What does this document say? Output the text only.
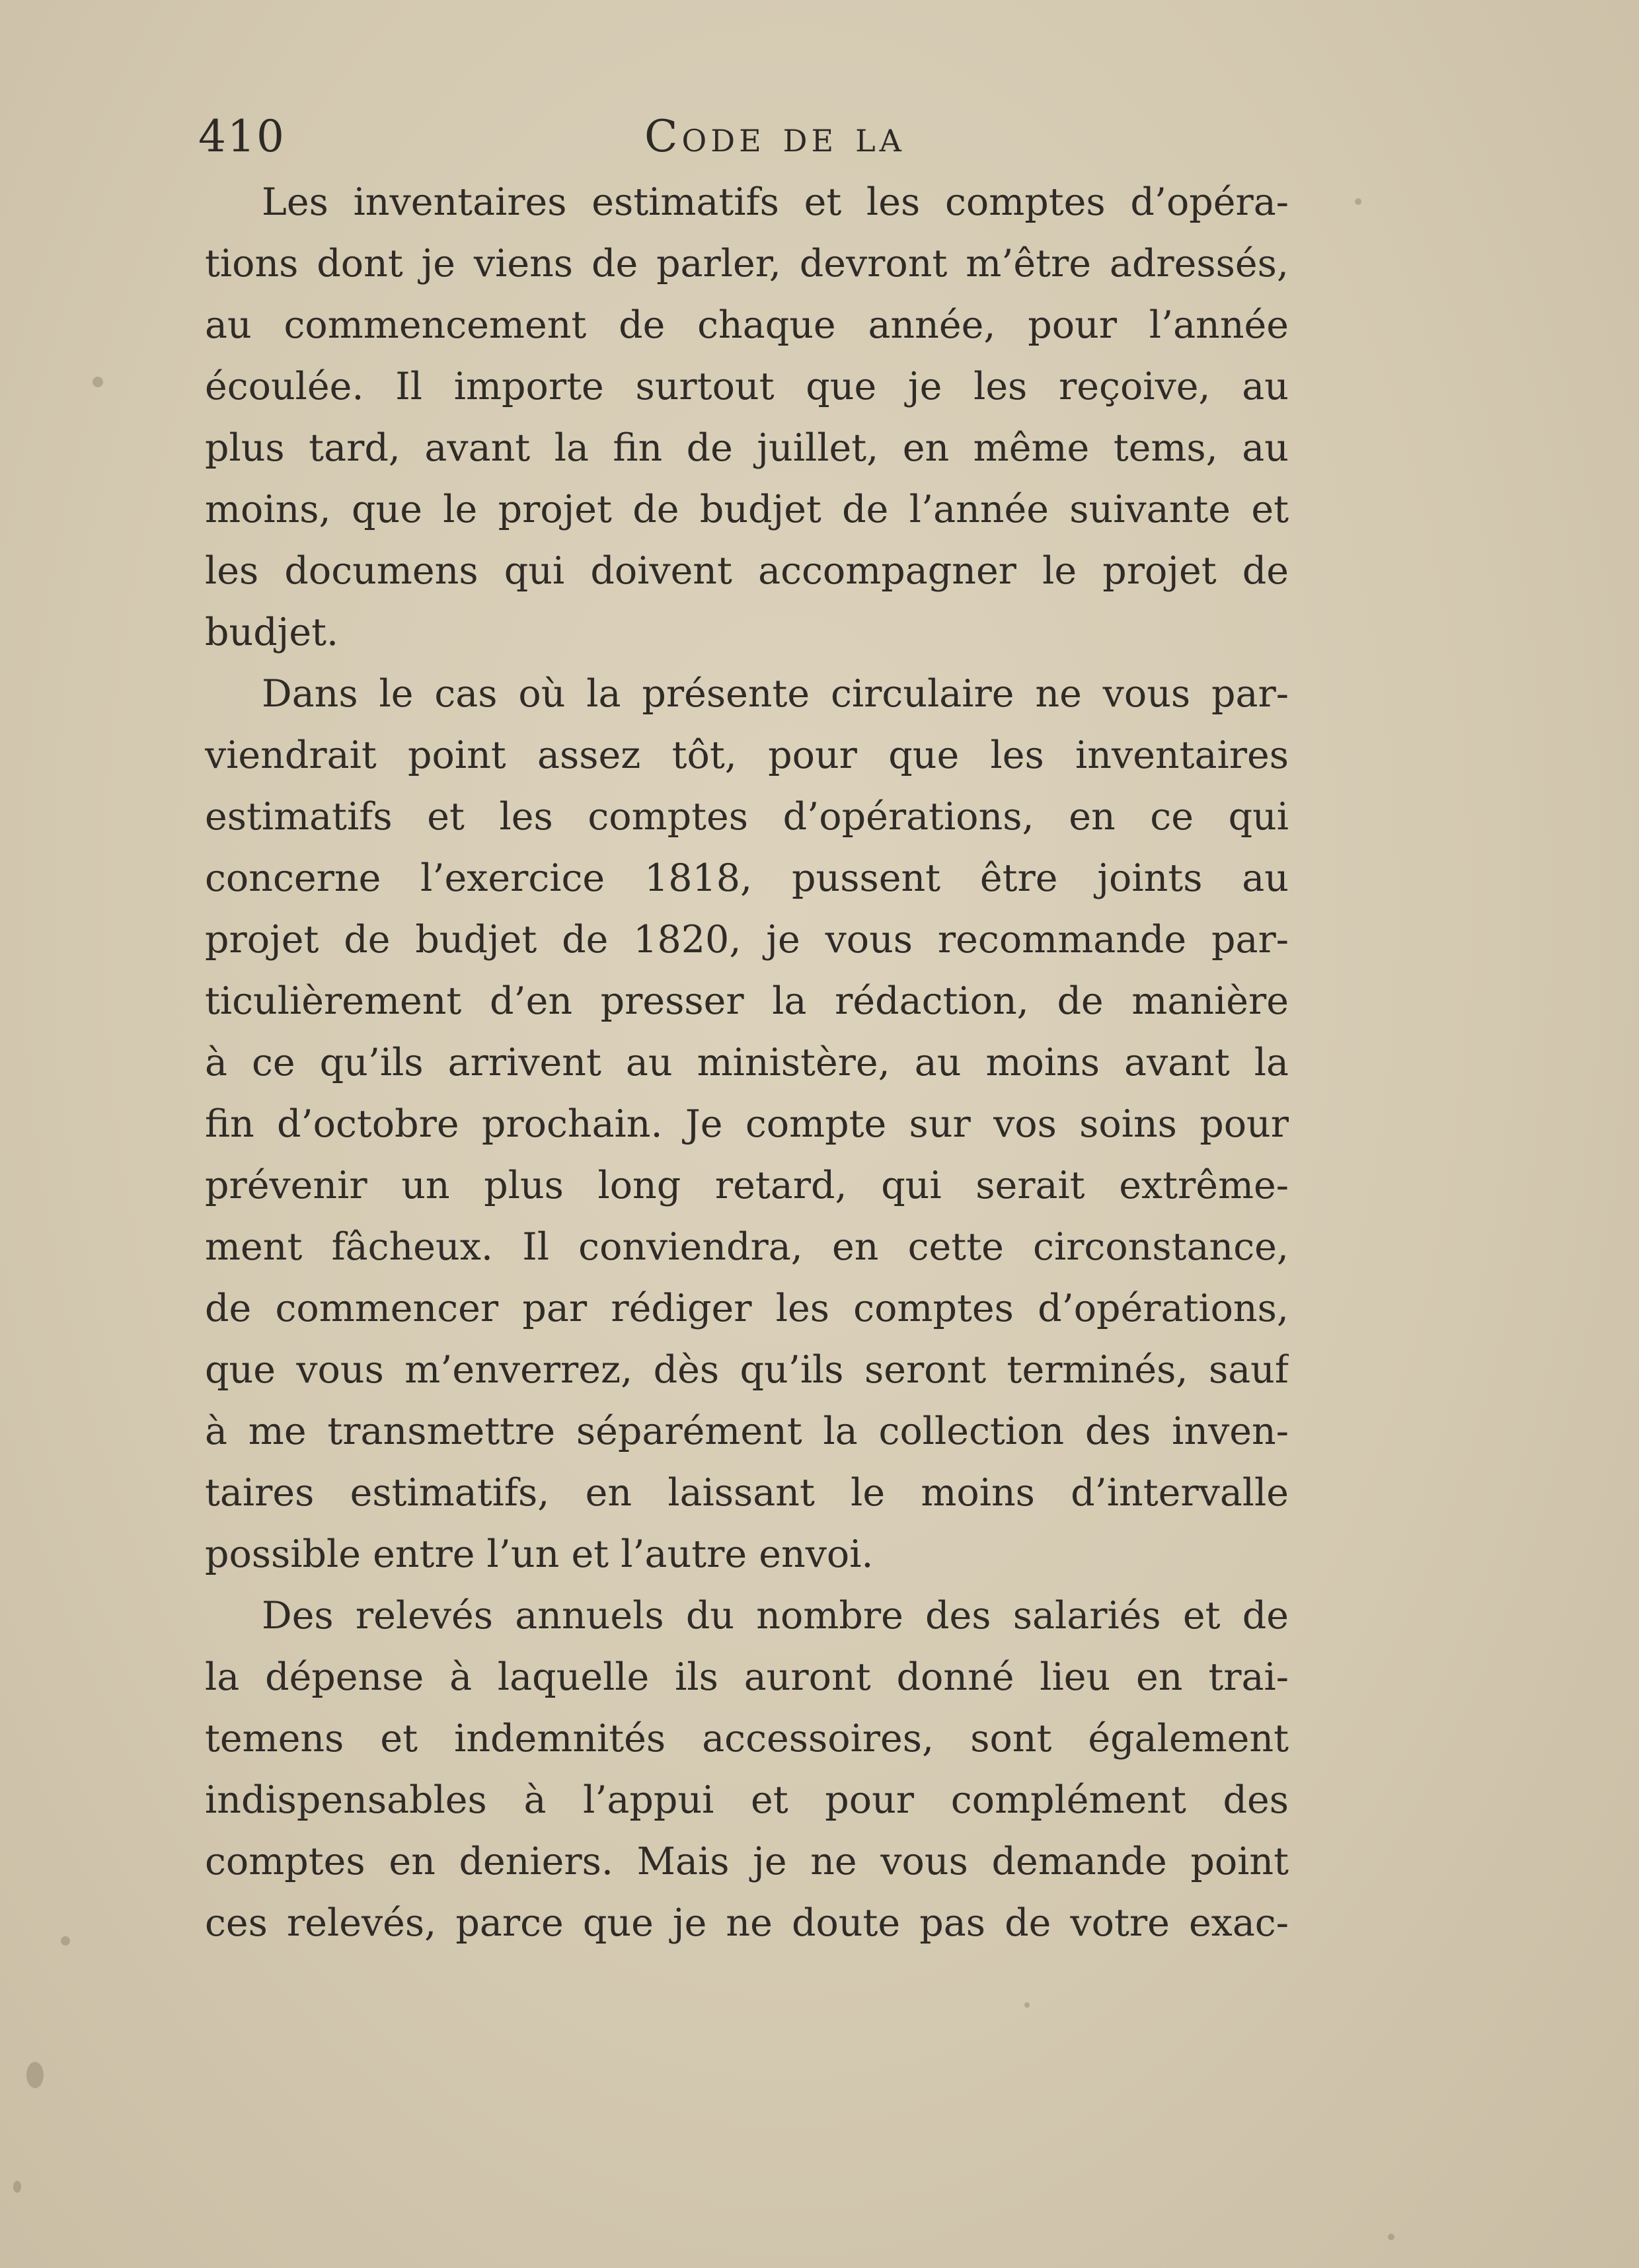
410	Code de la
Les inventaires estimatifs et les comptes d’opéra-
tions dont je viens de parler, devront m’être adressés,
au commencement de chaque année, pour l’année
écoulée. Il importe surtout que je les reçoive, au
plus tard, avant la fin de juillet, en même tems, au
moins, que le projet de budjet de l’année suivante et
les documens qui doivent accompagner le projet de
budjet.
Dans le cas où la présente circulaire ne vous par-
viendrait point assez tôt, pour que les inventaires
estimatifs et les comptes d’opérations, en ce qui
concerne l’exercice 1818, pussent être joints au
projet de budjet de 1820, je vous recommande par-
ticulièrement d’en presser la rédaction, de manière
à ce qu’ils arrivent au ministère, au moins avant la
fin d’octobre prochain. Je compte sur vos soins pour
prévenir un plus long retard, qui serait extrême-
ment fâcheux. Il conviendra, en cette circonstance,
de commencer par rédiger les comptes d’opérations,
que vous m’enverrez, dès qu’ils seront terminés, sauf
à me transmettre séparément la collection des inven-
taires estimatifs, en laissant le moins d’intervalle
possible entre l’un et l’autre envoi.
Des relevés annuels du nombre des salariés et de
la dépense à laquelle ils auront donné lieu en trai-
temens et indemnités accessoires, sont également
indispensables à l’appui et pour complément des
comptes en deniers. Mais je ne vous demande point
ces relevés, parce que je ne doute pas de votre exac-
